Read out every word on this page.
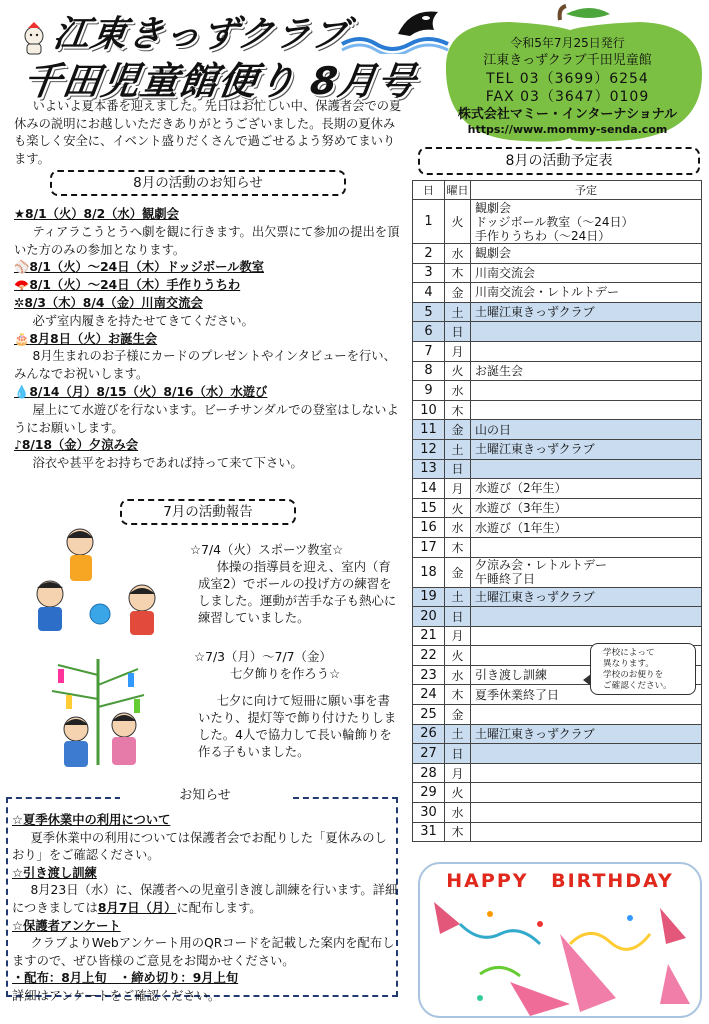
江東きっずクラブ
千田児童館便り 8月号
令和5年7月25日発行
江東きっずクラブ千田児童館
TEL 03（3699）6254
FAX 03（3647）0109
株式会社マミー・インターナショナル
https://www.mommy-senda.com
いよいよ夏本番を迎えました。先日はお忙しい中、保護者会での夏休みの説明にお越しいただきありがとうございました。長期の夏休みも楽しく安全に、イベント盛りだくさんで過ごせるよう努めてまいります。
8月の活動のお知らせ
★8/1（火）8/2（水）観劇会
ティアラこうとうへ劇を観に行きます。出欠票にて参加の提出を頂いた方のみの参加となります。
⚾8/1（火）～24日（木）ドッジボール教室
🪭8/1（火）～24日（木）手作りうちわ
✲8/3（木）8/4（金）川南交流会
必ず室内履きを持たせてきてください。
🎂8月8日（火）お誕生会
8月生まれのお子様にカードのプレゼントやインタビューを行い、みんなでお祝いします。
💧8/14（月）8/15（火）8/16（水）水遊び
屋上にて水遊びを行ないます。ビーチサンダルでの登室はしないようにお願いします。
♪8/18（金）夕涼み会
浴衣や甚平をお持ちであれば持って来て下さい。
7月の活動報告
☆7/4（火）スポーツ教室☆
体操の指導員を迎え、室内（育成室2）でボールの投げ方の練習をしました。運動が苦手な子も熱心に練習していました。
☆7/3（月）～7/7（金）
七夕飾りを作ろう☆
七夕に向けて短冊に願い事を書いたり、提灯等で飾り付けたりしました。4人で協力して長い輪飾りを作る子もいました。
お知らせ
☆夏季休業中の利用について
夏季休業中の利用については保護者会でお配りした「夏休みのしおり」をご確認ください。
☆引き渡し訓練
8月23日（水）に、保護者への児童引き渡し訓練を行います。詳細につきましては8月7日（月）に配布します。
☆保護者アンケート
クラブよりWebアンケート用のQRコードを記載した案内を配布しますので、ぜひ皆様のご意見をお聞かせください。
・配布：8月上旬　・締め切り：9月上旬
詳細はアンケートをご確認ください。
8月の活動予定表
日	曜日	予定
1	火	観劇会
ドッジボール教室（～24日）
手作りうちわ（～24日）

2	水	観劇会

3	木	川南交流会

4	金	川南交流会・レトルトデー

5	土	土曜江東きっずクラブ

6	日	

7	月	

8	火	お誕生会

9	水	

10	木	

11	金	山の日

12	土	土曜江東きっずクラブ

13	日	

14	月	水遊び（2年生）

15	火	水遊び（3年生）

16	水	水遊び（1年生）

17	木	

18	金	夕涼み会・レトルトデー
午睡終了日

19	土	土曜江東きっずクラブ

20	日	

21	月	

22	火	

23	水	引き渡し訓練

24	木	夏季休業終了日

25	金	

26	土	土曜江東きっずクラブ

27	日	

28	月	

29	火	

30	水	

31	木	
学校によって
異なります。
学校のお便りを
ご確認ください。
HAPPY BIRTHDAY
